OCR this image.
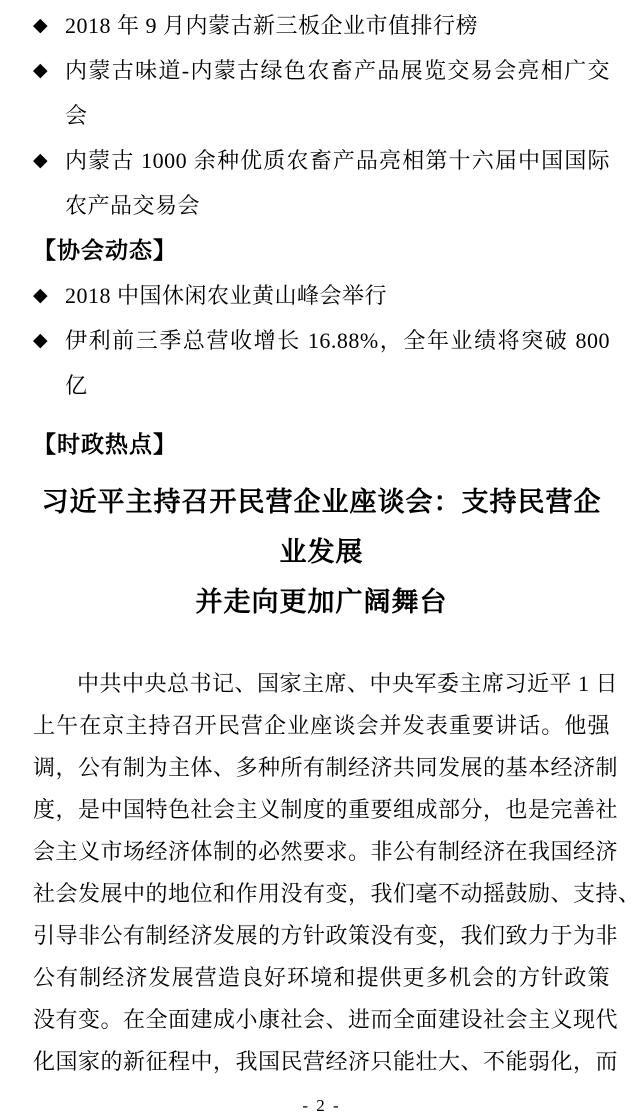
◆ 2018 年 9 月内蒙古新三板企业市值排行榜
◆ 内蒙古味道-内蒙古绿色农畜产品展览交易会亮相广交会
◆ 内蒙古 1000 余种优质农畜产品亮相第十六届中国国际农产品交易会
【协会动态】
◆ 2018 中国休闲农业黄山峰会举行
◆ 伊利前三季总营收增长 16.88%，全年业绩将突破 800 亿
【时政热点】
习近平主持召开民营企业座谈会：支持民营企业发展
并走向更加广阔舞台
中共中央总书记、国家主席、中央军委主席习近平 1 日
上午在京主持召开民营企业座谈会并发表重要讲话。他强
调，公有制为主体、多种所有制经济共同发展的基本经济制
度，是中国特色社会主义制度的重要组成部分，也是完善社
会主义市场经济体制的必然要求。非公有制经济在我国经济
社会发展中的地位和作用没有变，我们毫不动摇鼓励、支持、
引导非公有制经济发展的方针政策没有变，我们致力于为非
公有制经济发展营造良好环境和提供更多机会的方针政策
没有变。在全面建成小康社会、进而全面建设社会主义现代
化国家的新征程中，我国民营经济只能壮大、不能弱化，而
- 2 -
